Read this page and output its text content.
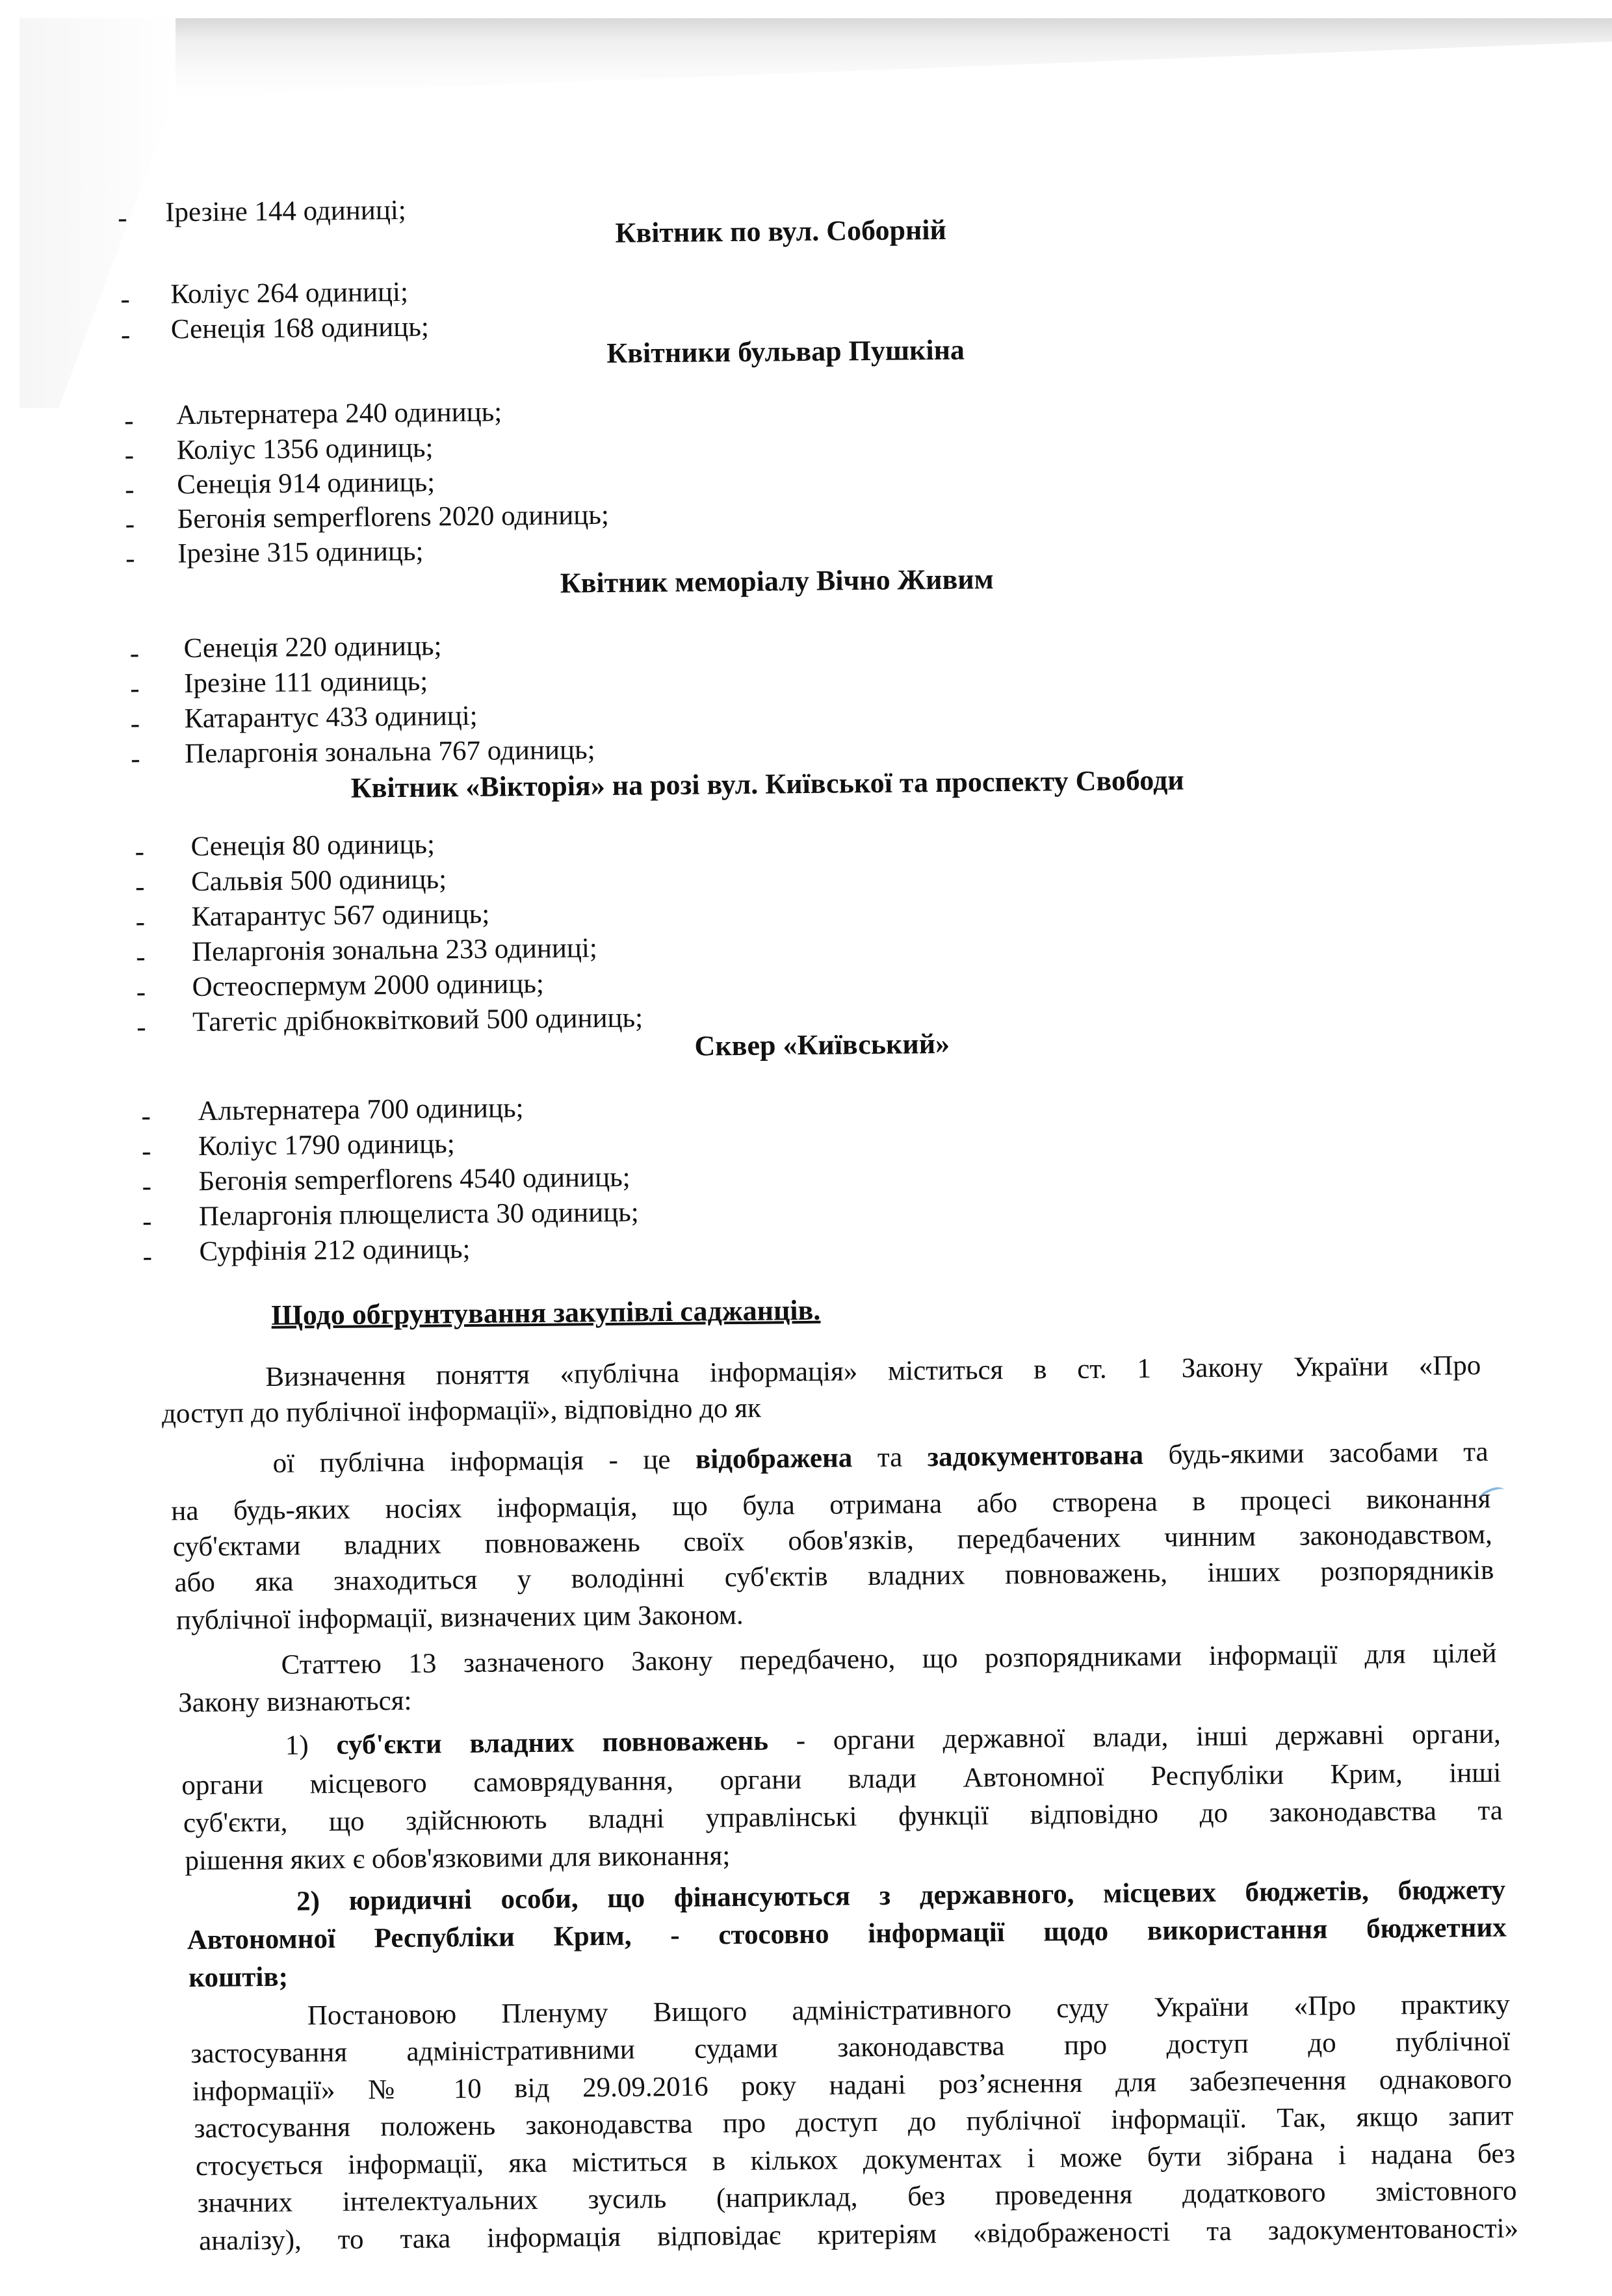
- Ірезіне 144 одиниці;
Квітник по вул. Соборній
- Коліус 264 одиниці;
- Сенеція 168 одиниць;
Квітники бульвар Пушкіна
- Альтернатера 240 одиниць;
- Коліус 1356 одиниць;
- Сенеція 914 одиниць;
- Бегонія semperflorens 2020 одиниць;
- Ірезіне 315 одиниць;
Квітник меморіалу Вічно Живим
- Сенеція 220 одиниць;
- Ірезіне 111 одиниць;
- Катарантус 433 одиниці;
- Пеларгонія зональна 767 одиниць;
Квітник «Вікторія» на розі вул. Київської та проспекту Свободи
- Сенеція 80 одиниць;
- Сальвія 500 одиниць;
- Катарантус 567 одиниць;
- Пеларгонія зональна 233 одиниці;
- Остеоспермум 2000 одиниць;
- Тагетіс дрібноквітковий 500 одиниць;
Сквер «Київський»
- Альтернатера 700 одиниць;
- Коліус 1790 одиниць;
- Бегонія semperflorens 4540 одиниць;
- Пеларгонія плющелиста 30 одиниць;
- Сурфінія 212 одиниць;
Щодо обгрунтування закупівлі саджанців.
Визначення поняття «публічна інформація» міститься в ст. 1 Закону України «Про
доступ до публічної інформації», відповідно до як
ої публічна інформація - це відображена та задокументована будь-якими засобами та
на будь-яких носіях інформація, що була отримана або створена в процесі виконання
суб'єктами владних повноважень своїх обов'язків, передбачених чинним законодавством,
або яка знаходиться у володінні суб'єктів владних повноважень, інших розпорядників
публічної інформації, визначених цим Законом.
Статтею 13 зазначеного Закону передбачено, що розпорядниками інформації для цілей
Закону визнаються:
1) суб'єкти владних повноважень - органи державної влади, інші державні органи,
органи місцевого самоврядування, органи влади Автономної Республіки Крим, інші
суб'єкти, що здійснюють владні управлінські функції відповідно до законодавства та
рішення яких є обов'язковими для виконання;
2) юридичні особи, що фінансуються з державного, місцевих бюджетів, бюджету
Автономної Республіки Крим, - стосовно інформації щодо використання бюджетних
коштів;
Постановою Пленуму Вищого адміністративного суду України «Про практику
застосування адміністративними судами законодавства про доступ до публічної
інформації» № 10 від 29.09.2016 року надані роз’яснення для забезпечення однакового
застосування положень законодавства про доступ до публічної інформації. Так, якщо запит
стосується інформації, яка міститься в кількох документах і може бути зібрана і надана без
значних інтелектуальних зусиль (наприклад, без проведення додаткового змістовного
аналізу), то така інформація відповідає критеріям «відображеності та задокументованості»
